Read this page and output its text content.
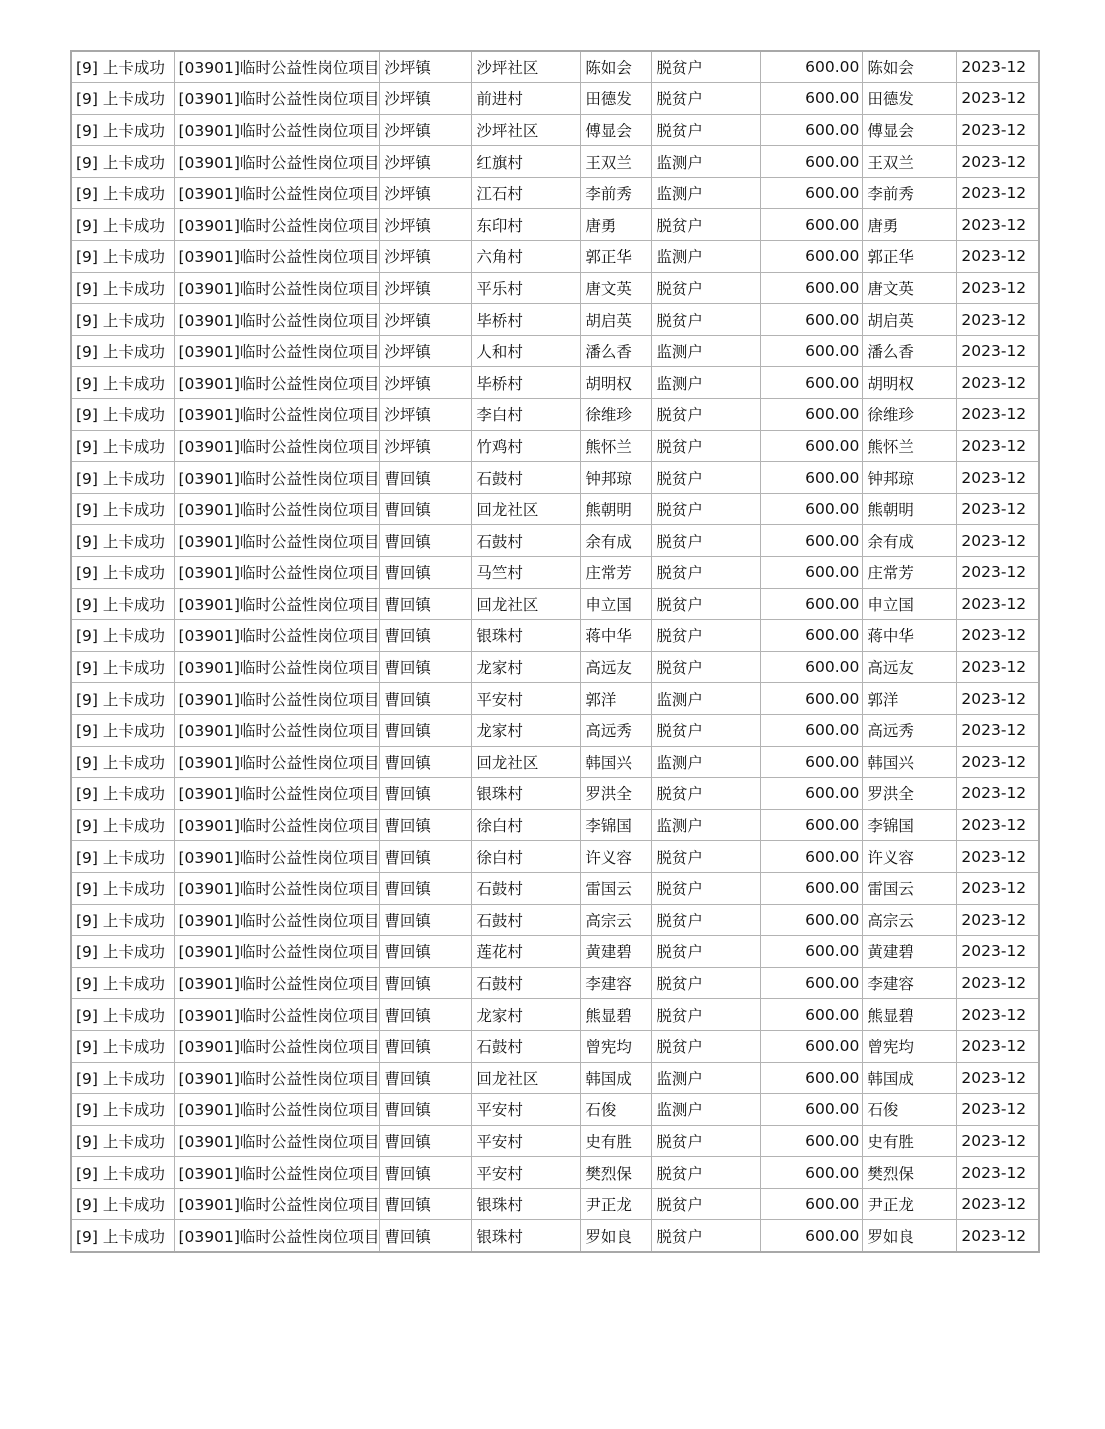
[9] 上卡成功	[03901]临时公益性岗位项目	沙坪镇	沙坪社区	陈如会	脱贫户	600.00	陈如会	2023-12
[9] 上卡成功	[03901]临时公益性岗位项目	沙坪镇	前进村	田德发	脱贫户	600.00	田德发	2023-12
[9] 上卡成功	[03901]临时公益性岗位项目	沙坪镇	沙坪社区	傅显会	脱贫户	600.00	傅显会	2023-12
[9] 上卡成功	[03901]临时公益性岗位项目	沙坪镇	红旗村	王双兰	监测户	600.00	王双兰	2023-12
[9] 上卡成功	[03901]临时公益性岗位项目	沙坪镇	江石村	李前秀	监测户	600.00	李前秀	2023-12
[9] 上卡成功	[03901]临时公益性岗位项目	沙坪镇	东印村	唐勇	脱贫户	600.00	唐勇	2023-12
[9] 上卡成功	[03901]临时公益性岗位项目	沙坪镇	六角村	郭正华	监测户	600.00	郭正华	2023-12
[9] 上卡成功	[03901]临时公益性岗位项目	沙坪镇	平乐村	唐文英	脱贫户	600.00	唐文英	2023-12
[9] 上卡成功	[03901]临时公益性岗位项目	沙坪镇	毕桥村	胡启英	脱贫户	600.00	胡启英	2023-12
[9] 上卡成功	[03901]临时公益性岗位项目	沙坪镇	人和村	潘么香	监测户	600.00	潘么香	2023-12
[9] 上卡成功	[03901]临时公益性岗位项目	沙坪镇	毕桥村	胡明权	监测户	600.00	胡明权	2023-12
[9] 上卡成功	[03901]临时公益性岗位项目	沙坪镇	李白村	徐维珍	脱贫户	600.00	徐维珍	2023-12
[9] 上卡成功	[03901]临时公益性岗位项目	沙坪镇	竹鸡村	熊怀兰	脱贫户	600.00	熊怀兰	2023-12
[9] 上卡成功	[03901]临时公益性岗位项目	曹回镇	石鼓村	钟邦琼	脱贫户	600.00	钟邦琼	2023-12
[9] 上卡成功	[03901]临时公益性岗位项目	曹回镇	回龙社区	熊朝明	脱贫户	600.00	熊朝明	2023-12
[9] 上卡成功	[03901]临时公益性岗位项目	曹回镇	石鼓村	余有成	脱贫户	600.00	余有成	2023-12
[9] 上卡成功	[03901]临时公益性岗位项目	曹回镇	马竺村	庄常芳	脱贫户	600.00	庄常芳	2023-12
[9] 上卡成功	[03901]临时公益性岗位项目	曹回镇	回龙社区	申立国	脱贫户	600.00	申立国	2023-12
[9] 上卡成功	[03901]临时公益性岗位项目	曹回镇	银珠村	蒋中华	脱贫户	600.00	蒋中华	2023-12
[9] 上卡成功	[03901]临时公益性岗位项目	曹回镇	龙家村	高远友	脱贫户	600.00	高远友	2023-12
[9] 上卡成功	[03901]临时公益性岗位项目	曹回镇	平安村	郭洋	监测户	600.00	郭洋	2023-12
[9] 上卡成功	[03901]临时公益性岗位项目	曹回镇	龙家村	高远秀	脱贫户	600.00	高远秀	2023-12
[9] 上卡成功	[03901]临时公益性岗位项目	曹回镇	回龙社区	韩国兴	监测户	600.00	韩国兴	2023-12
[9] 上卡成功	[03901]临时公益性岗位项目	曹回镇	银珠村	罗洪全	脱贫户	600.00	罗洪全	2023-12
[9] 上卡成功	[03901]临时公益性岗位项目	曹回镇	徐白村	李锦国	监测户	600.00	李锦国	2023-12
[9] 上卡成功	[03901]临时公益性岗位项目	曹回镇	徐白村	许义容	脱贫户	600.00	许义容	2023-12
[9] 上卡成功	[03901]临时公益性岗位项目	曹回镇	石鼓村	雷国云	脱贫户	600.00	雷国云	2023-12
[9] 上卡成功	[03901]临时公益性岗位项目	曹回镇	石鼓村	高宗云	脱贫户	600.00	高宗云	2023-12
[9] 上卡成功	[03901]临时公益性岗位项目	曹回镇	莲花村	黄建碧	脱贫户	600.00	黄建碧	2023-12
[9] 上卡成功	[03901]临时公益性岗位项目	曹回镇	石鼓村	李建容	脱贫户	600.00	李建容	2023-12
[9] 上卡成功	[03901]临时公益性岗位项目	曹回镇	龙家村	熊显碧	脱贫户	600.00	熊显碧	2023-12
[9] 上卡成功	[03901]临时公益性岗位项目	曹回镇	石鼓村	曾宪均	脱贫户	600.00	曾宪均	2023-12
[9] 上卡成功	[03901]临时公益性岗位项目	曹回镇	回龙社区	韩国成	监测户	600.00	韩国成	2023-12
[9] 上卡成功	[03901]临时公益性岗位项目	曹回镇	平安村	石俊	监测户	600.00	石俊	2023-12
[9] 上卡成功	[03901]临时公益性岗位项目	曹回镇	平安村	史有胜	脱贫户	600.00	史有胜	2023-12
[9] 上卡成功	[03901]临时公益性岗位项目	曹回镇	平安村	樊烈保	脱贫户	600.00	樊烈保	2023-12
[9] 上卡成功	[03901]临时公益性岗位项目	曹回镇	银珠村	尹正龙	脱贫户	600.00	尹正龙	2023-12
[9] 上卡成功	[03901]临时公益性岗位项目	曹回镇	银珠村	罗如良	脱贫户	600.00	罗如良	2023-12
